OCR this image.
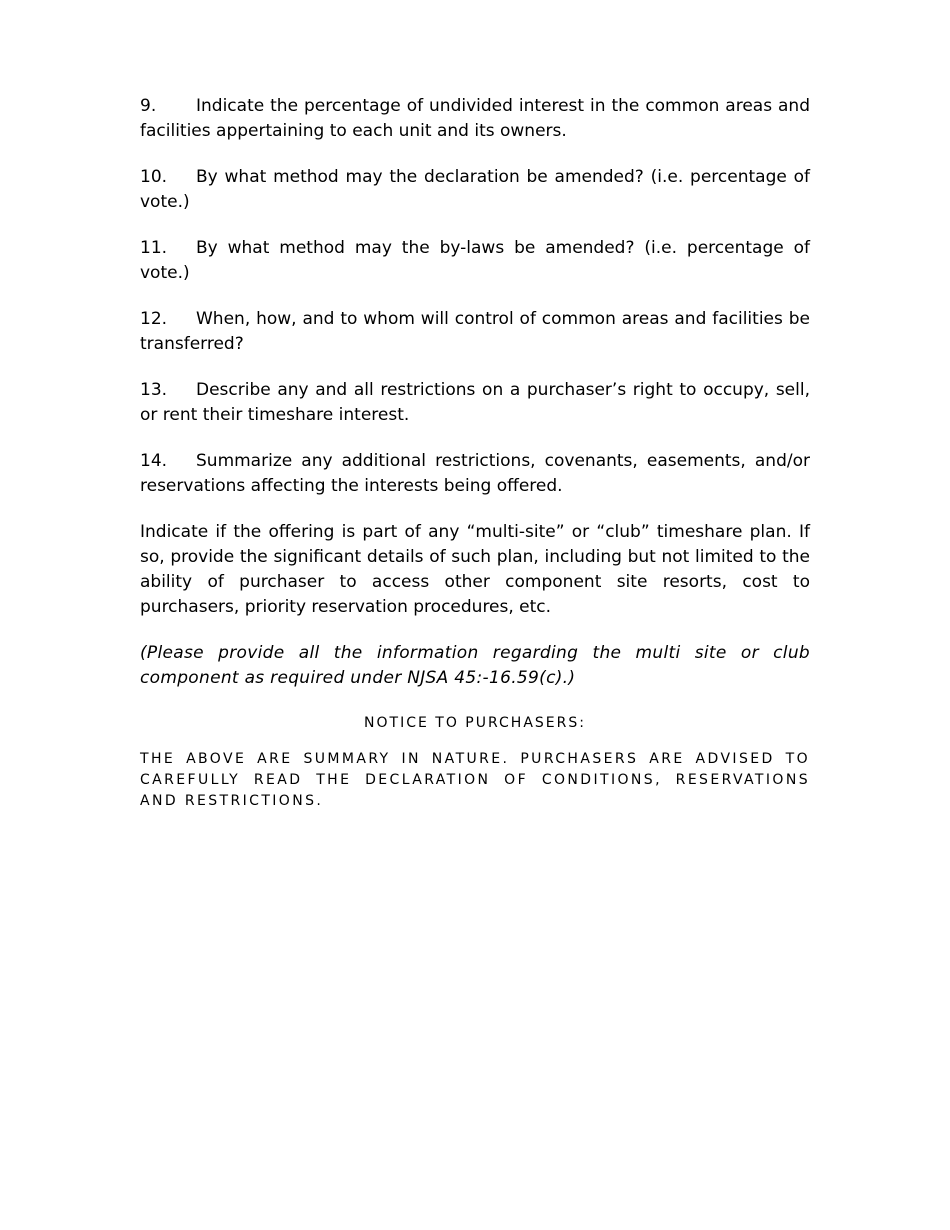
9. Indicate the percentage of undivided interest in the common areas and facilities appertaining to each unit and its owners.

10. By what method may the declaration be amended? (i.e. percentage of vote.)

11. By what method may the by-laws be amended? (i.e. percentage of vote.)

12. When, how, and to whom will control of common areas and facilities be transferred?

13. Describe any and all restrictions on a purchaser’s right to occupy, sell, or rent their timeshare interest.

14. Summarize any additional restrictions, covenants, easements, and/or reservations affecting the interests being offered.

Indicate if the offering is part of any “multi-site” or “club” timeshare plan. If so, provide the significant details of such plan, including but not limited to the ability of purchaser to access other component site resorts, cost to purchasers, priority reservation procedures, etc.

(Please provide all the information regarding the multi site or club component as required under NJSA 45:-16.59(c).)

NOTICE TO PURCHASERS:

THE ABOVE ARE SUMMARY IN NATURE. PURCHASERS ARE ADVISED TO CAREFULLY READ THE DECLARATION OF CONDITIONS, RESERVATIONS AND RESTRICTIONS.
